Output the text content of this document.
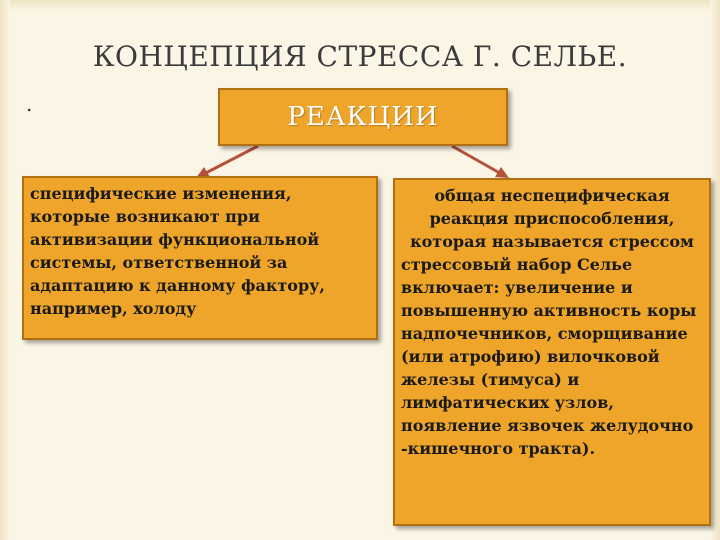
КОНЦЕПЦИЯ СТРЕССА Г. СЕЛЬЕ.
.	РЕАКЦИИ
специфические изменения, которые возникают при активизации функциональной системы, ответственной за адаптацию к данному фактору, например, холоду
общая неспецифическая реакция приспособления, которая называется стрессом
стрессовый набор Селье включает: увеличение и повышенную активность коры надпочечников, сморщивание (или атрофию) вилочковой железы (тимуса) и лимфатических узлов, появление язвочек желудочно -кишечного тракта).
